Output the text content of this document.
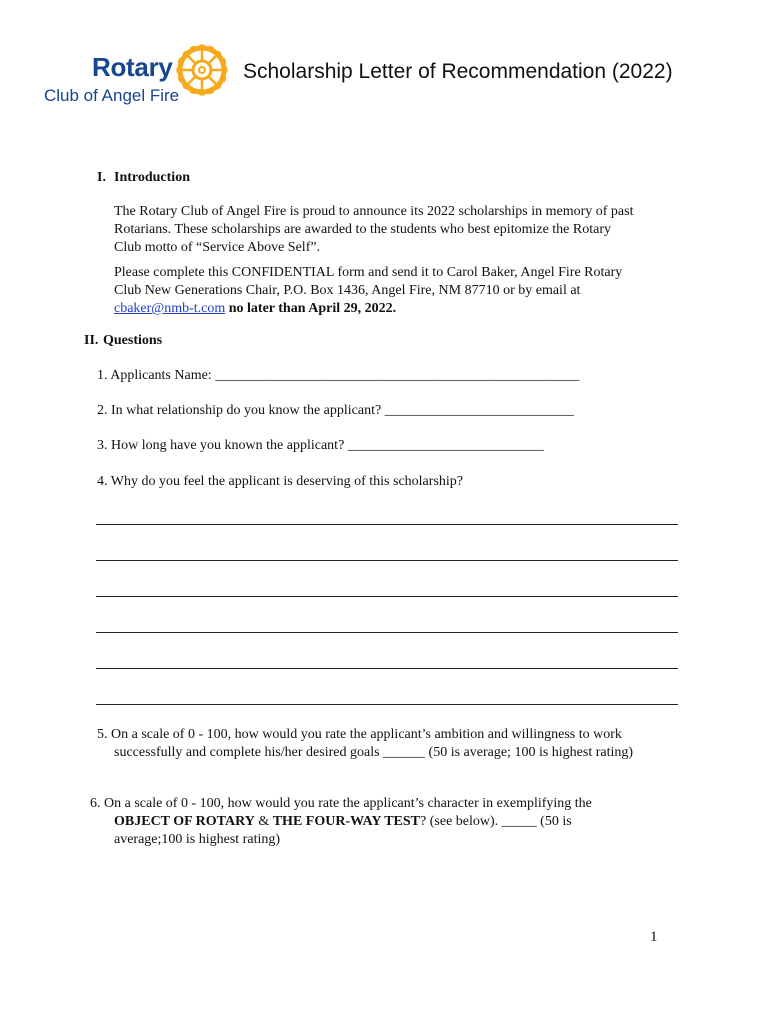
Rotary
Club of Angel Fire
Scholarship Letter of Recommendation (2022)
I. Introduction
The Rotary Club of Angel Fire is proud to announce its 2022 scholarships in memory of past
Rotarians. These scholarships are awarded to the students who best epitomize the Rotary
Club motto of “Service Above Self”.
Please complete this CONFIDENTIAL form and send it to Carol Baker, Angel Fire Rotary
Club New Generations Chair, P.O. Box 1436, Angel Fire, NM 87710 or by email at
cbaker@nmb-t.com no later than April 29, 2022.
II. Questions
1. Applicants Name: ____________________________________________________
2. In what relationship do you know the applicant? ___________________________
3. How long have you known the applicant? ____________________________
4. Why do you feel the applicant is deserving of this scholarship?
5. On a scale of 0 - 100, how would you rate the applicant’s ambition and willingness to work
successfully and complete his/her desired goals ______ (50 is average; 100 is highest rating)
6. On a scale of 0 - 100, how would you rate the applicant’s character in exemplifying the
OBJECT OF ROTARY & THE FOUR-WAY TEST? (see below). _____ (50 is
average;100 is highest rating)
1
